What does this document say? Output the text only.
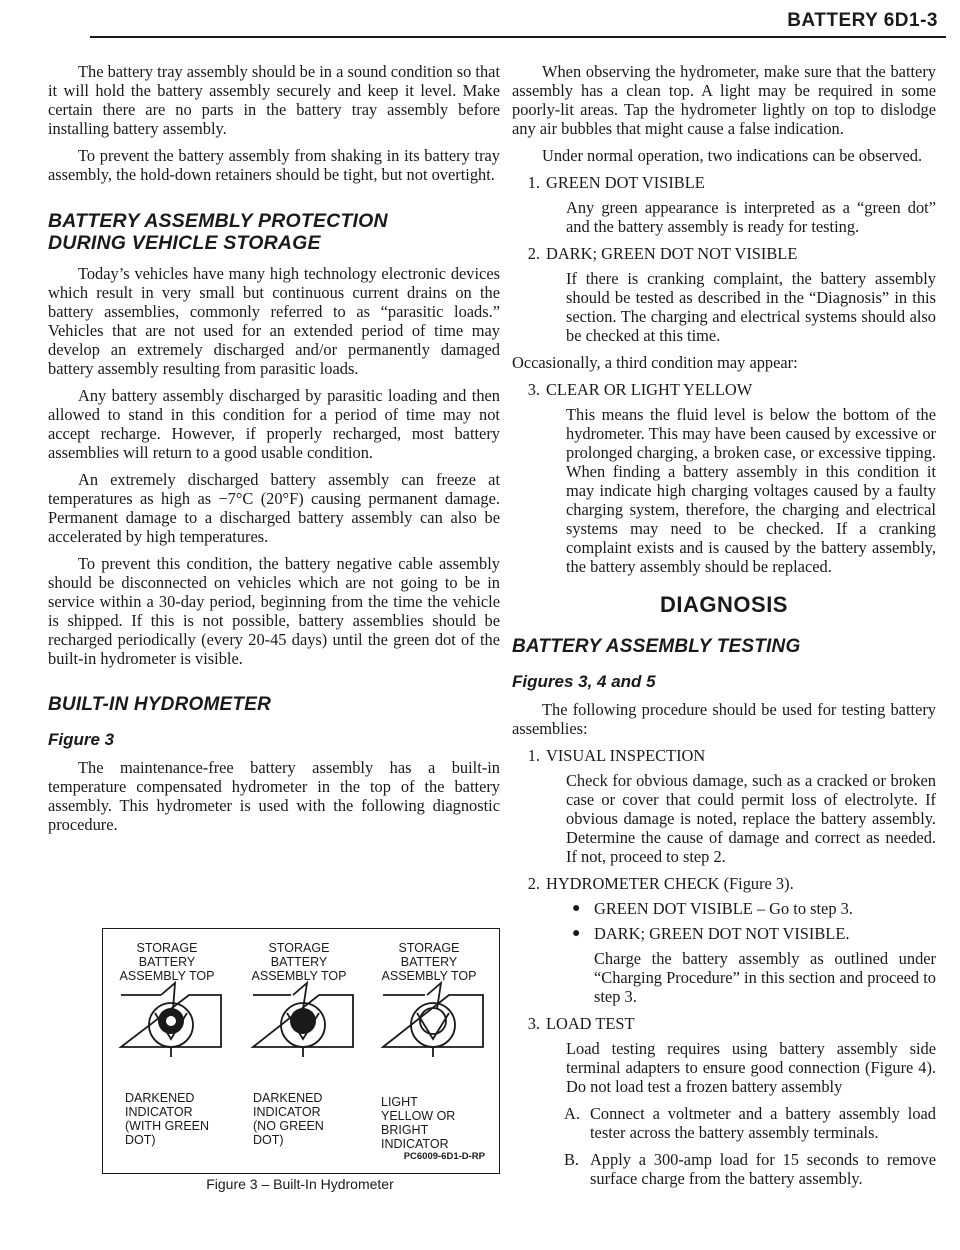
BATTERY 6D1-3

The battery tray assembly should be in a sound condition so that it will hold the battery assembly securely and keep it level. Make certain there are no parts in the battery tray assembly before installing battery assembly.

To prevent the battery assembly from shaking in its battery tray assembly, the hold-down retainers should be tight, but not overtight.

BATTERY ASSEMBLY PROTECTION
DURING VEHICLE STORAGE

Today’s vehicles have many high technology electronic devices which result in very small but continuous current drains on the battery assemblies, commonly referred to as “parasitic loads.” Vehicles that are not used for an extended period of time may develop an extremely discharged and/or permanently damaged battery assembly resulting from parasitic loads.

Any battery assembly discharged by parasitic loading and then allowed to stand in this condition for a period of time may not accept recharge. However, if properly recharged, most battery assemblies will return to a good usable condition.

An extremely discharged battery assembly can freeze at temperatures as high as −7°C (20°F) causing permanent damage. Permanent damage to a discharged battery assembly can also be accelerated by high temperatures.

To prevent this condition, the battery negative cable assembly should be disconnected on vehicles which are not going to be in service within a 30-day period, beginning from the time the vehicle is shipped. If this is not possible, battery assemblies should be recharged periodically (every 20-45 days) until the green dot of the built-in hydrometer is visible.

BUILT-IN HYDROMETER
Figure 3

The maintenance-free battery assembly has a built-in temperature compensated hydrometer in the top of the battery assembly. This hydrometer is used with the following diagnostic procedure.

STORAGE
BATTERY
ASSEMBLY TOP
STORAGE
BATTERY
ASSEMBLY TOP
STORAGE
BATTERY
ASSEMBLY TOP
DARKENED
INDICATOR
(WITH GREEN
DOT)
DARKENED
INDICATOR
(NO GREEN
DOT)
LIGHT
YELLOW OR
BRIGHT
INDICATOR
PC6009-6D1-D-RP
Figure 3 – Built-In Hydrometer

When observing the hydrometer, make sure that the battery assembly has a clean top. A light may be required in some poorly-lit areas. Tap the hydrometer lightly on top to dislodge any air bubbles that might cause a false indication.

Under normal operation, two indications can be observed.

1. GREEN DOT VISIBLE
Any green appearance is interpreted as a “green dot” and the battery assembly is ready for testing.
2. DARK; GREEN DOT NOT VISIBLE
If there is cranking complaint, the battery assembly should be tested as described in the “Diagnosis” in this section. The charging and electrical systems should also be checked at this time.

Occasionally, a third condition may appear:

3. CLEAR OR LIGHT YELLOW
This means the fluid level is below the bottom of the hydrometer. This may have been caused by excessive or prolonged charging, a broken case, or excessive tipping. When finding a battery assembly in this condition it may indicate high charging voltages caused by a faulty charging system, therefore, the charging and electrical systems may need to be checked. If a cranking complaint exists and is caused by the battery assembly, the battery assembly should be replaced.
DIAGNOSIS
BATTERY ASSEMBLY TESTING
Figures 3, 4 and 5

The following procedure should be used for testing battery assemblies:

1. VISUAL INSPECTION
Check for obvious damage, such as a cracked or broken case or cover that could permit loss of electrolyte. If obvious damage is noted, replace the battery assembly. Determine the cause of damage and correct as needed. If not, proceed to step 2.
2. HYDROMETER CHECK (Figure 3).
● GREEN DOT VISIBLE – Go to step 3.
● DARK; GREEN DOT NOT VISIBLE.
Charge the battery assembly as outlined under “Charging Procedure” in this section and proceed to step 3.
3. LOAD TEST
Load testing requires using battery assembly side terminal adapters to ensure good connection (Figure 4). Do not load test a frozen battery assembly
A. Connect a voltmeter and a battery assembly load tester across the battery assembly terminals.
B. Apply a 300-amp load for 15 seconds to remove surface charge from the battery assembly.
